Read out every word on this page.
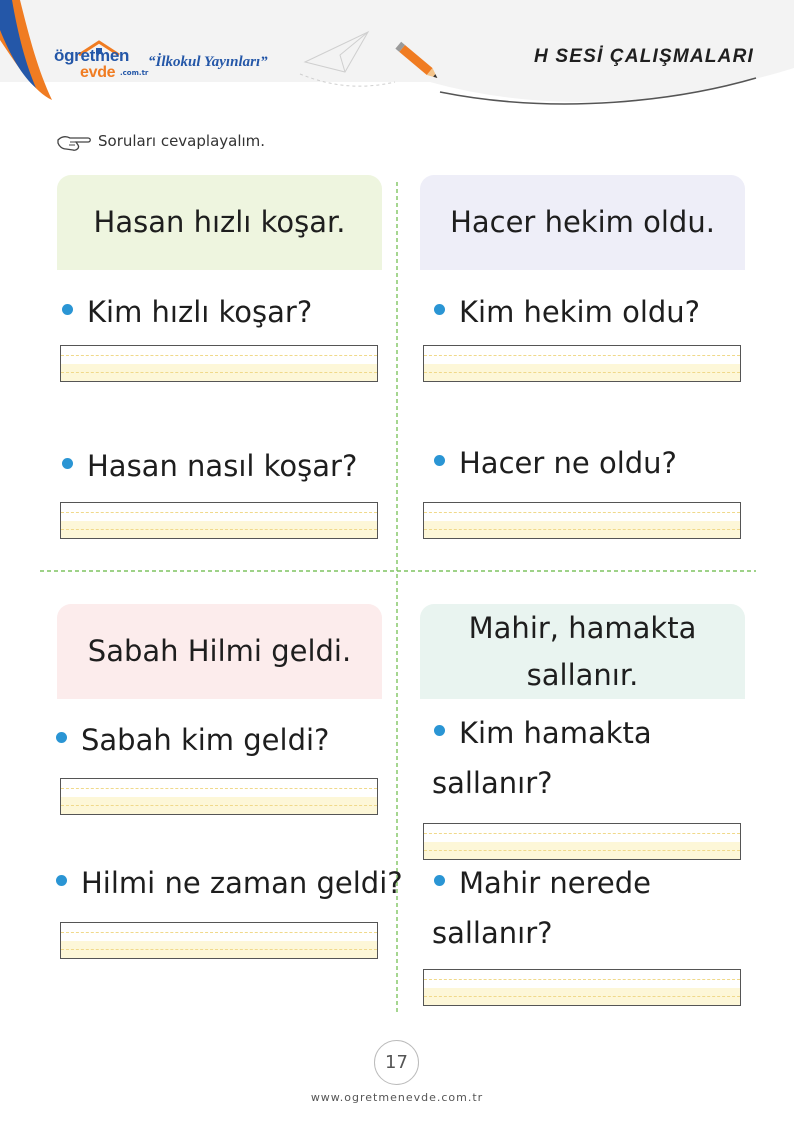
ögretmen
evde .com.tr
“İlkokul Yayınları”	H SESİ ÇALIŞMALARI
Soruları cevaplayalım.
Hasan hızlı koşar.
Kim hızlı koşar?
Hasan nasıl koşar?
Hacer hekim oldu.
Kim hekim oldu?
Hacer ne oldu?
Sabah Hilmi geldi.
Sabah kim geldi?
Hilmi ne zaman geldi?
Mahir, hamakta
sallanır.
Kim hamakta
sallanır?
Mahir nerede
sallanır?
17
www.ogretmenevde.com.tr
